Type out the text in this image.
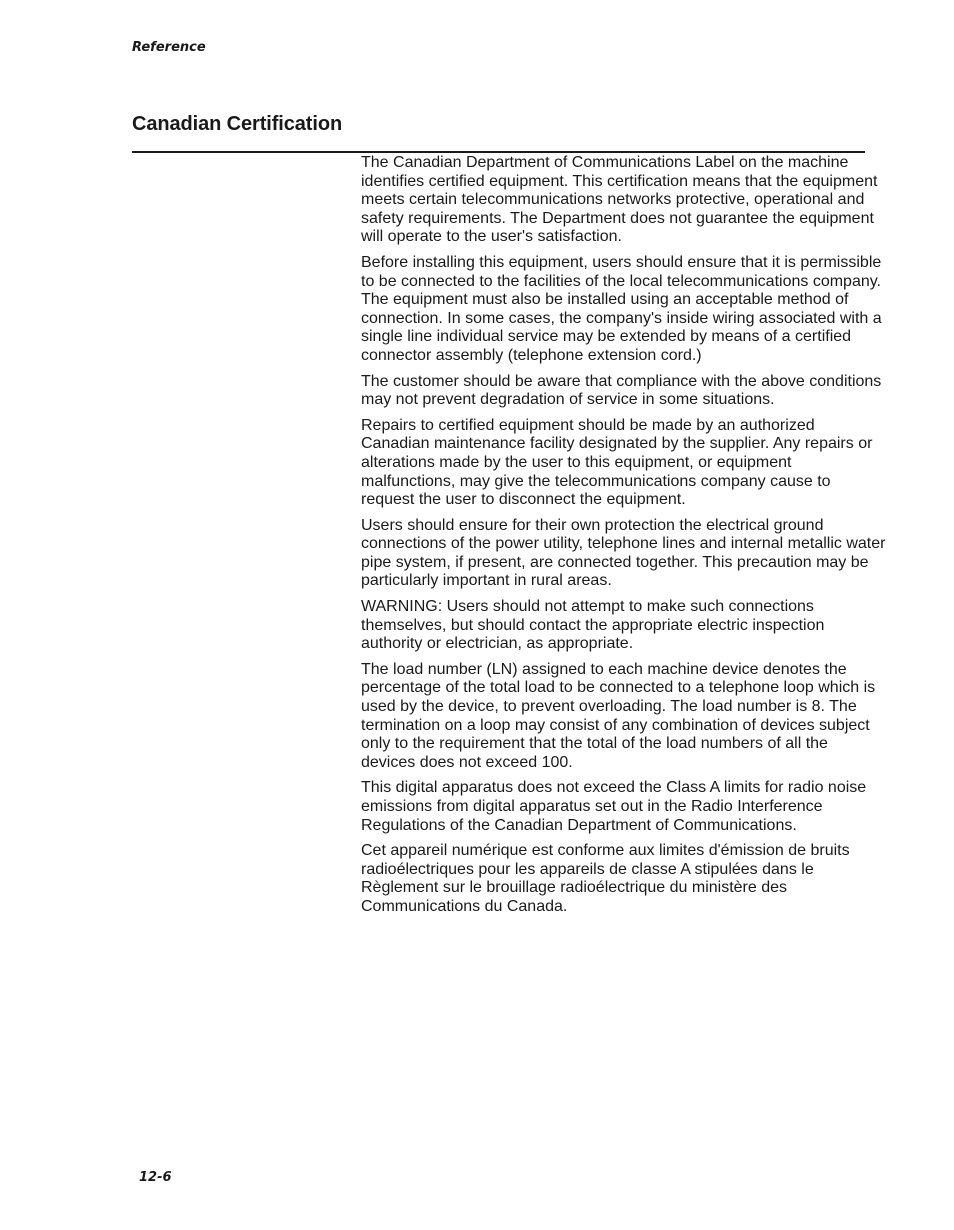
Reference

Canadian Certification

The Canadian Department of Communications Label on the machine identifies certified equipment. This certification means that the equipment meets certain telecommunications networks protective, operational and safety requirements. The Department does not guarantee the equipment will operate to the user's satisfaction.

Before installing this equipment, users should ensure that it is permissible to be connected to the facilities of the local telecommunications company. The equipment must also be installed using an acceptable method of connection. In some cases, the company's inside wiring associated with a single line individual service may be extended by means of a certified connector assembly (telephone extension cord.)

The customer should be aware that compliance with the above conditions may not prevent degradation of service in some situations.

Repairs to certified equipment should be made by an authorized Canadian maintenance facility designated by the supplier. Any repairs or alterations made by the user to this equipment, or equipment malfunctions, may give the telecommunications company cause to request the user to disconnect the equipment.

Users should ensure for their own protection the electrical ground connections of the power utility, telephone lines and internal metallic water pipe system, if present, are connected together. This precaution may be particularly important in rural areas.

WARNING: Users should not attempt to make such connections themselves, but should contact the appropriate electric inspection authority or electrician, as appropriate.

The load number (LN) assigned to each machine device denotes the percentage of the total load to be connected to a telephone loop which is used by the device, to prevent overloading. The load number is 8. The termination on a loop may consist of any combination of devices subject only to the requirement that the total of the load numbers of all the devices does not exceed 100.

This digital apparatus does not exceed the Class A limits for radio noise emissions from digital apparatus set out in the Radio Interference Regulations of the Canadian Department of Communications.

Cet appareil numérique est conforme aux limites d'émission de bruits radioélectriques pour les appareils de classe A stipulées dans le Règlement sur le brouillage radioélectrique du ministère des Communications du Canada.

12-6
